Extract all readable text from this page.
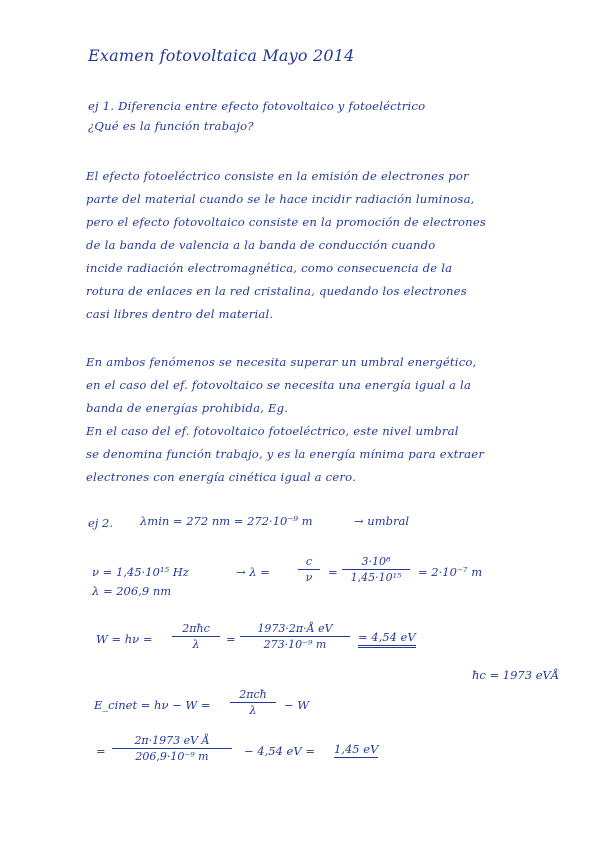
Examen fotovoltaica Mayo 2014
ej 1. Diferencia entre efecto fotovoltaico y fotoeléctrico
¿Qué es la función trabajo?
El efecto fotoeléctrico consiste en la emisión de electrones por
parte del material cuando se le hace incidir radiación luminosa,
pero el efecto fotovoltaico consiste en la promoción de electrones
de la banda de valencia a la banda de conducción cuando
incide radiación electromagnética, como consecuencia de la
rotura de enlaces en la red cristalina, quedando los electrones
casi libres dentro del material.
En ambos fenómenos se necesita superar un umbral energético,
en el caso del ef. fotovoltaico se necesita una energía igual a la
banda de energías prohibida, Eg.
En el caso del ef. fotovoltaico fotoeléctrico, este nivel umbral
se denomina función trabajo, y es la energía mínima para extraer
electrones con energía cinética igual a cero.
ej 2. λmin = 272 nm = 272·10⁻⁹ m	→ umbral
ν = 1,45·10¹⁵ Hz	→ λ =	$\frac{c}{\nu} = \frac{\text{3·10⁸}}{\text{1,45·10¹⁵}} = 2\cdot 10^{-7}$ m
λ = 206,9 nm
W = hν =
2πħc
λ	= $\frac{\text{1973·2π·Å eV}}{\text{273·10⁻⁹ m}} = 4,54$ eV
ħc = 1973 eVÅ
E_cinet = hν − W =
2πcħ
λ	− W
= $\frac{\text{2π·1973 eV Å}}{\text{206,9·10⁻⁹ m}} - 4,54$ eV = 1,45 eV
